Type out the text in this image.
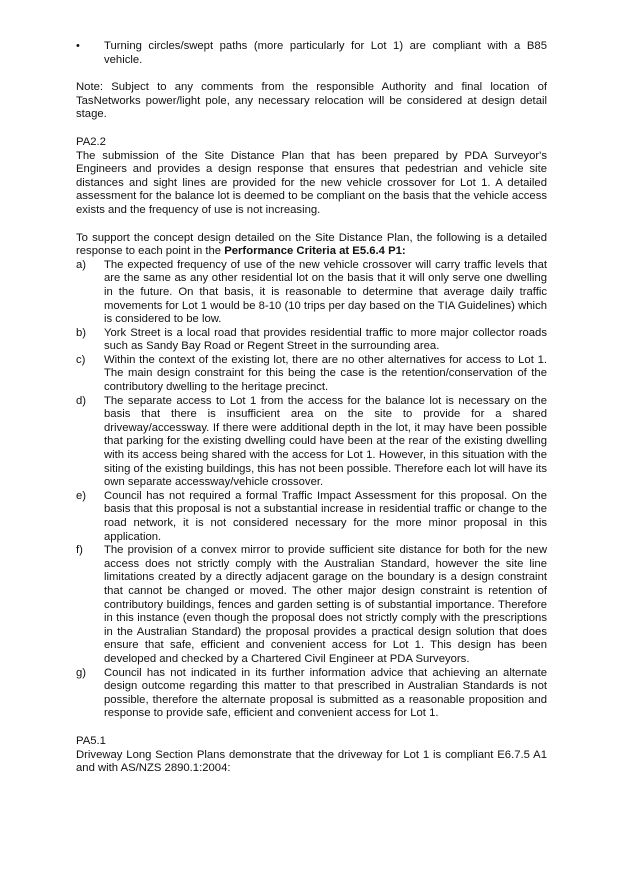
•	Turning circles/swept paths (more particularly for Lot 1) are compliant with a B85 vehicle.

Note: Subject to any comments from the responsible Authority and final location of TasNetworks power/light pole, any necessary relocation will be considered at design detail stage.

PA2.2

The submission of the Site Distance Plan that has been prepared by PDA Surveyor's Engineers and provides a design response that ensures that pedestrian and vehicle site distances and sight lines are provided for the new vehicle crossover for Lot 1. A detailed assessment for the balance lot is deemed to be compliant on the basis that the vehicle access exists and the frequency of use is not increasing.

To support the concept design detailed on the Site Distance Plan, the following is a detailed response to each point in the Performance Criteria at E5.6.4 P1:
a)	The expected frequency of use of the new vehicle crossover will carry traffic levels that are the same as any other residential lot on the basis that it will only serve one dwelling in the future. On that basis, it is reasonable to determine that average daily traffic movements for Lot 1 would be 8-10 (10 trips per day based on the TIA Guidelines) which is considered to be low.
b)	York Street is a local road that provides residential traffic to more major collector roads such as Sandy Bay Road or Regent Street in the surrounding area.
c)	Within the context of the existing lot, there are no other alternatives for access to Lot 1. The main design constraint for this being the case is the retention/conservation of the contributory dwelling to the heritage precinct.
d)	The separate access to Lot 1 from the access for the balance lot is necessary on the basis that there is insufficient area on the site to provide for a shared driveway/accessway. If there were additional depth in the lot, it may have been possible that parking for the existing dwelling could have been at the rear of the existing dwelling with its access being shared with the access for Lot 1. However, in this situation with the siting of the existing buildings, this has not been possible. Therefore each lot will have its own separate accessway/vehicle crossover.
e)	Council has not required a formal Traffic Impact Assessment for this proposal. On the basis that this proposal is not a substantial increase in residential traffic or change to the road network, it is not considered necessary for the more minor proposal in this application.
f)	The provision of a convex mirror to provide sufficient site distance for both for the new access does not strictly comply with the Australian Standard, however the site line limitations created by a directly adjacent garage on the boundary is a design constraint that cannot be changed or moved. The other major design constraint is retention of contributory buildings, fences and garden setting is of substantial importance. Therefore in this instance (even though the proposal does not strictly comply with the prescriptions in the Australian Standard) the proposal provides a practical design solution that does ensure that safe, efficient and convenient access for Lot 1. This design has been developed and checked by a Chartered Civil Engineer at PDA Surveyors.
g)	Council has not indicated in its further information advice that achieving an alternate design outcome regarding this matter to that prescribed in Australian Standards is not possible, therefore the alternate proposal is submitted as a reasonable proposition and response to provide safe, efficient and convenient access for Lot 1.
PA5.1

Driveway Long Section Plans demonstrate that the driveway for Lot 1 is compliant E6.7.5 A1 and with AS/NZS 2890.1:2004:
